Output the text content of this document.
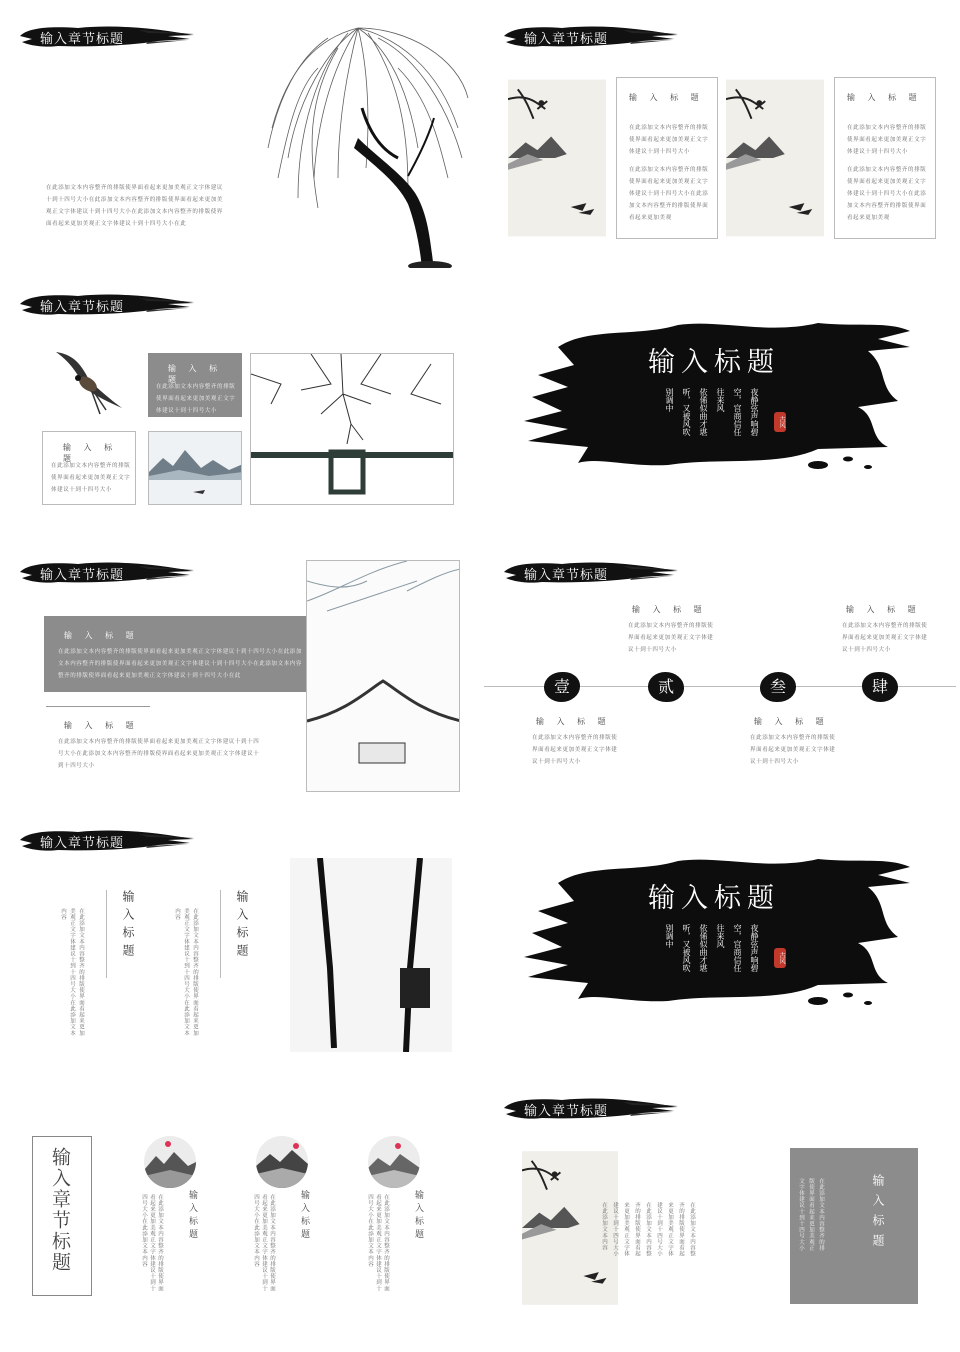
输入章节标题
在此添加文本内容整齐的排版使界面看起来更加美观正文字体建议十到十四号大小在此添加文本内容整齐的排版使界面看起来更加美观正文字体建议十到十四号大小在此添加文本内容整齐的排版使界面看起来更加美观正文字体建议十到十四号大小在此
输入章节标题
输 入 标 题
在此添加文本内容整齐的排版使界面看起来更加美观正文字体建议十到十四号大小
在此添加文本内容整齐的排版使界面看起来更加美观正文字体建议十到十四号大小在此添加文本内容整齐的排版使界面看起来更加美观
输 入 标 题
在此添加文本内容整齐的排版使界面看起来更加美观正文字体建议十到十四号大小
在此添加文本内容整齐的排版使界面看起来更加美观正文字体建议十到十四号大小在此添加文本内容整齐的排版使界面看起来更加美观
输入章节标题
输 入 标 题
在此添加文本内容整齐的排版使界面看起来更加美观正文字体建议十到十四号大小
输 入 标 题
在此添加文本内容整齐的排版使界面看起来更加美观正文字体建议十到十四号大小
输入标题
夜静弦声响碧
空，宫商信任
往来风
依俙似曲才堪
听，又被风吹
别调中
古风
输入章节标题
输 入 标 题
在此添加文本内容整齐的排版使界面看起来更加美观正文字体建议十到十四号大小在此添加文本内容整齐的排版使界面看起来更加美观正文字体建议十到十四号大小在此添加文本内容整齐的排版使界面看起来更加美观正文字体建议十到十四号大小在此
输 入 标 题
在此添加文本内容整齐的排版使界面看起来更加美观正文字体建议十到十四号大小在此添加文本内容整齐的排版使界面看起来更加美观正文字体建议十到十四号大小
输入章节标题
输 入 标 题
在此添加文本内容整齐的排版使界面看起来更加美观正文字体建议十到十四号大小
输 入 标 题
在此添加文本内容整齐的排版使界面看起来更加美观正文字体建议十到十四号大小
壹	贰	叁	肆
输 入 标 题
在此添加文本内容整齐的排版使界面看起来更加美观正文字体建议十到十四号大小
输 入 标 题
在此添加文本内容整齐的排版使界面看起来更加美观正文字体建议十到十四号大小
输入章节标题
输入标题
在此添加文本内容整齐的排版使界面看起来更加美观正文字体建议十到十四号大小在此添加文本内容	输入标题
在此添加文本内容整齐的排版使界面看起来更加美观正文字体建议十到十四号大小在此添加文本内容
输入标题
夜静弦声响碧
空，宫商信任
往来风
依俙似曲才堪
听，又被风吹
别调中
古风
输入章节标题	输入标题
在此添加文本内容整齐的排版使界面看起来更加美观正文字体建议十到十四号大小在此添加文本内容	输入标题
在此添加文本内容整齐的排版使界面看起来更加美观正文字体建议十到十四号大小在此添加文本内容	输入标题
在此添加文本内容整齐的排版使界面看起来更加美观正文字体建议十到十四号大小在此添加文本内容
输入章节标题
在此添加文本内容整齐的排版使界面看起来更加美观正文字体建议十到十四号大小在此添加文本内容整齐的排版使界面看起来更加美观正文字体建议十到十四号大小在此添加文本内容	输入标题
在此添加文本内容整齐的排版使界面看起来更加美观正文字体建议十到十四号大小
